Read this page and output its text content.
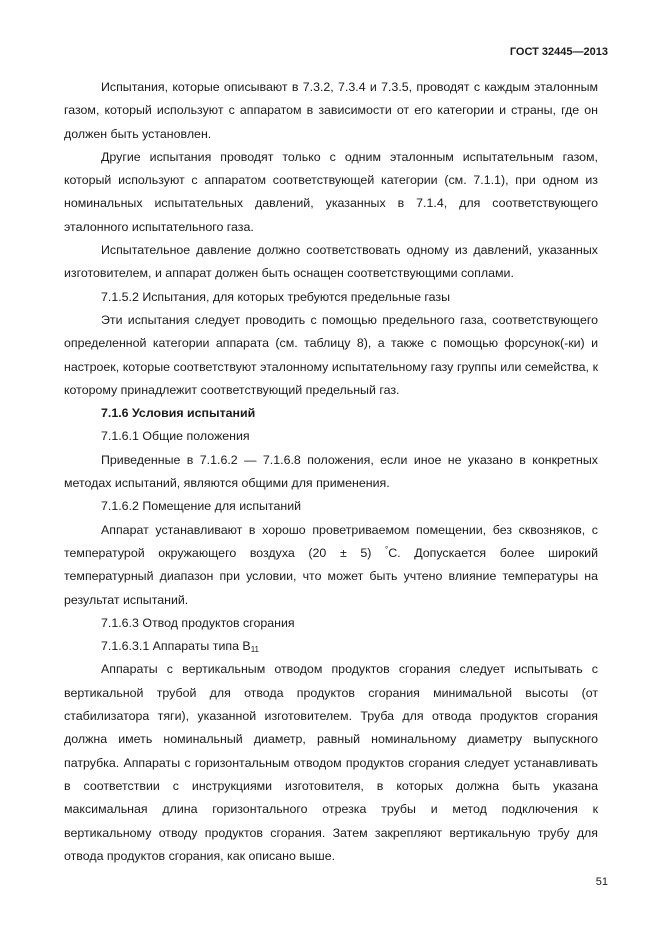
ГОСТ 32445—2013

Испытания, которые описывают в 7.3.2, 7.3.4 и 7.3.5, проводят с каждым эталонным газом, который используют с аппаратом в зависимости от его категории и страны, где он должен быть установлен.

Другие испытания проводят только с одним эталонным испытательным газом, который используют с аппаратом соответствующей категории (см. 7.1.1), при одном из номинальных испытательных давлений, указанных в 7.1.4, для соответствующего эталонного испытательного газа.

Испытательное давление должно соответствовать одному из давлений, указанных изготовителем, и аппарат должен быть оснащен соответствующими соплами.

7.1.5.2 Испытания, для которых требуются предельные газы

Эти испытания следует проводить с помощью предельного газа, соответствующего определенной категории аппарата (см. таблицу 8), а также с помощью форсунок(-ки) и настроек, которые соответствуют эталонному испытательному газу группы или семейства, к которому принадлежит соответствующий предельный газ.

7.1.6 Условия испытаний

7.1.6.1 Общие положения

Приведенные в 7.1.6.2 — 7.1.6.8 положения, если иное не указано в конкретных методах испытаний, являются общими для применения.

7.1.6.2 Помещение для испытаний

Аппарат устанавливают в хорошо проветриваемом помещении, без сквозняков, с температурой окружающего воздуха (20 ± 5) °С. Допускается более широкий температурный диапазон при условии, что может быть учтено влияние температуры на результат испытаний.

7.1.6.3 Отвод продуктов сгорания

7.1.6.3.1 Аппараты типа $B_{11}$

Аппараты с вертикальным отводом продуктов сгорания следует испытывать с вертикальной трубой для отвода продуктов сгорания минимальной высоты (от стабилизатора тяги), указанной изготовителем. Труба для отвода продуктов сгорания должна иметь номинальный диаметр, равный номинальному диаметру выпускного патрубка. Аппараты с горизонтальным отводом продуктов сгорания следует устанавливать в соответствии с инструкциями изготовителя, в которых должна быть указана максимальная длина горизонтального отрезка трубы и метод подключения к вертикальному отводу продуктов сгорания. Затем закрепляют вертикальную трубу для отвода продуктов сгорания, как описано выше.

51
